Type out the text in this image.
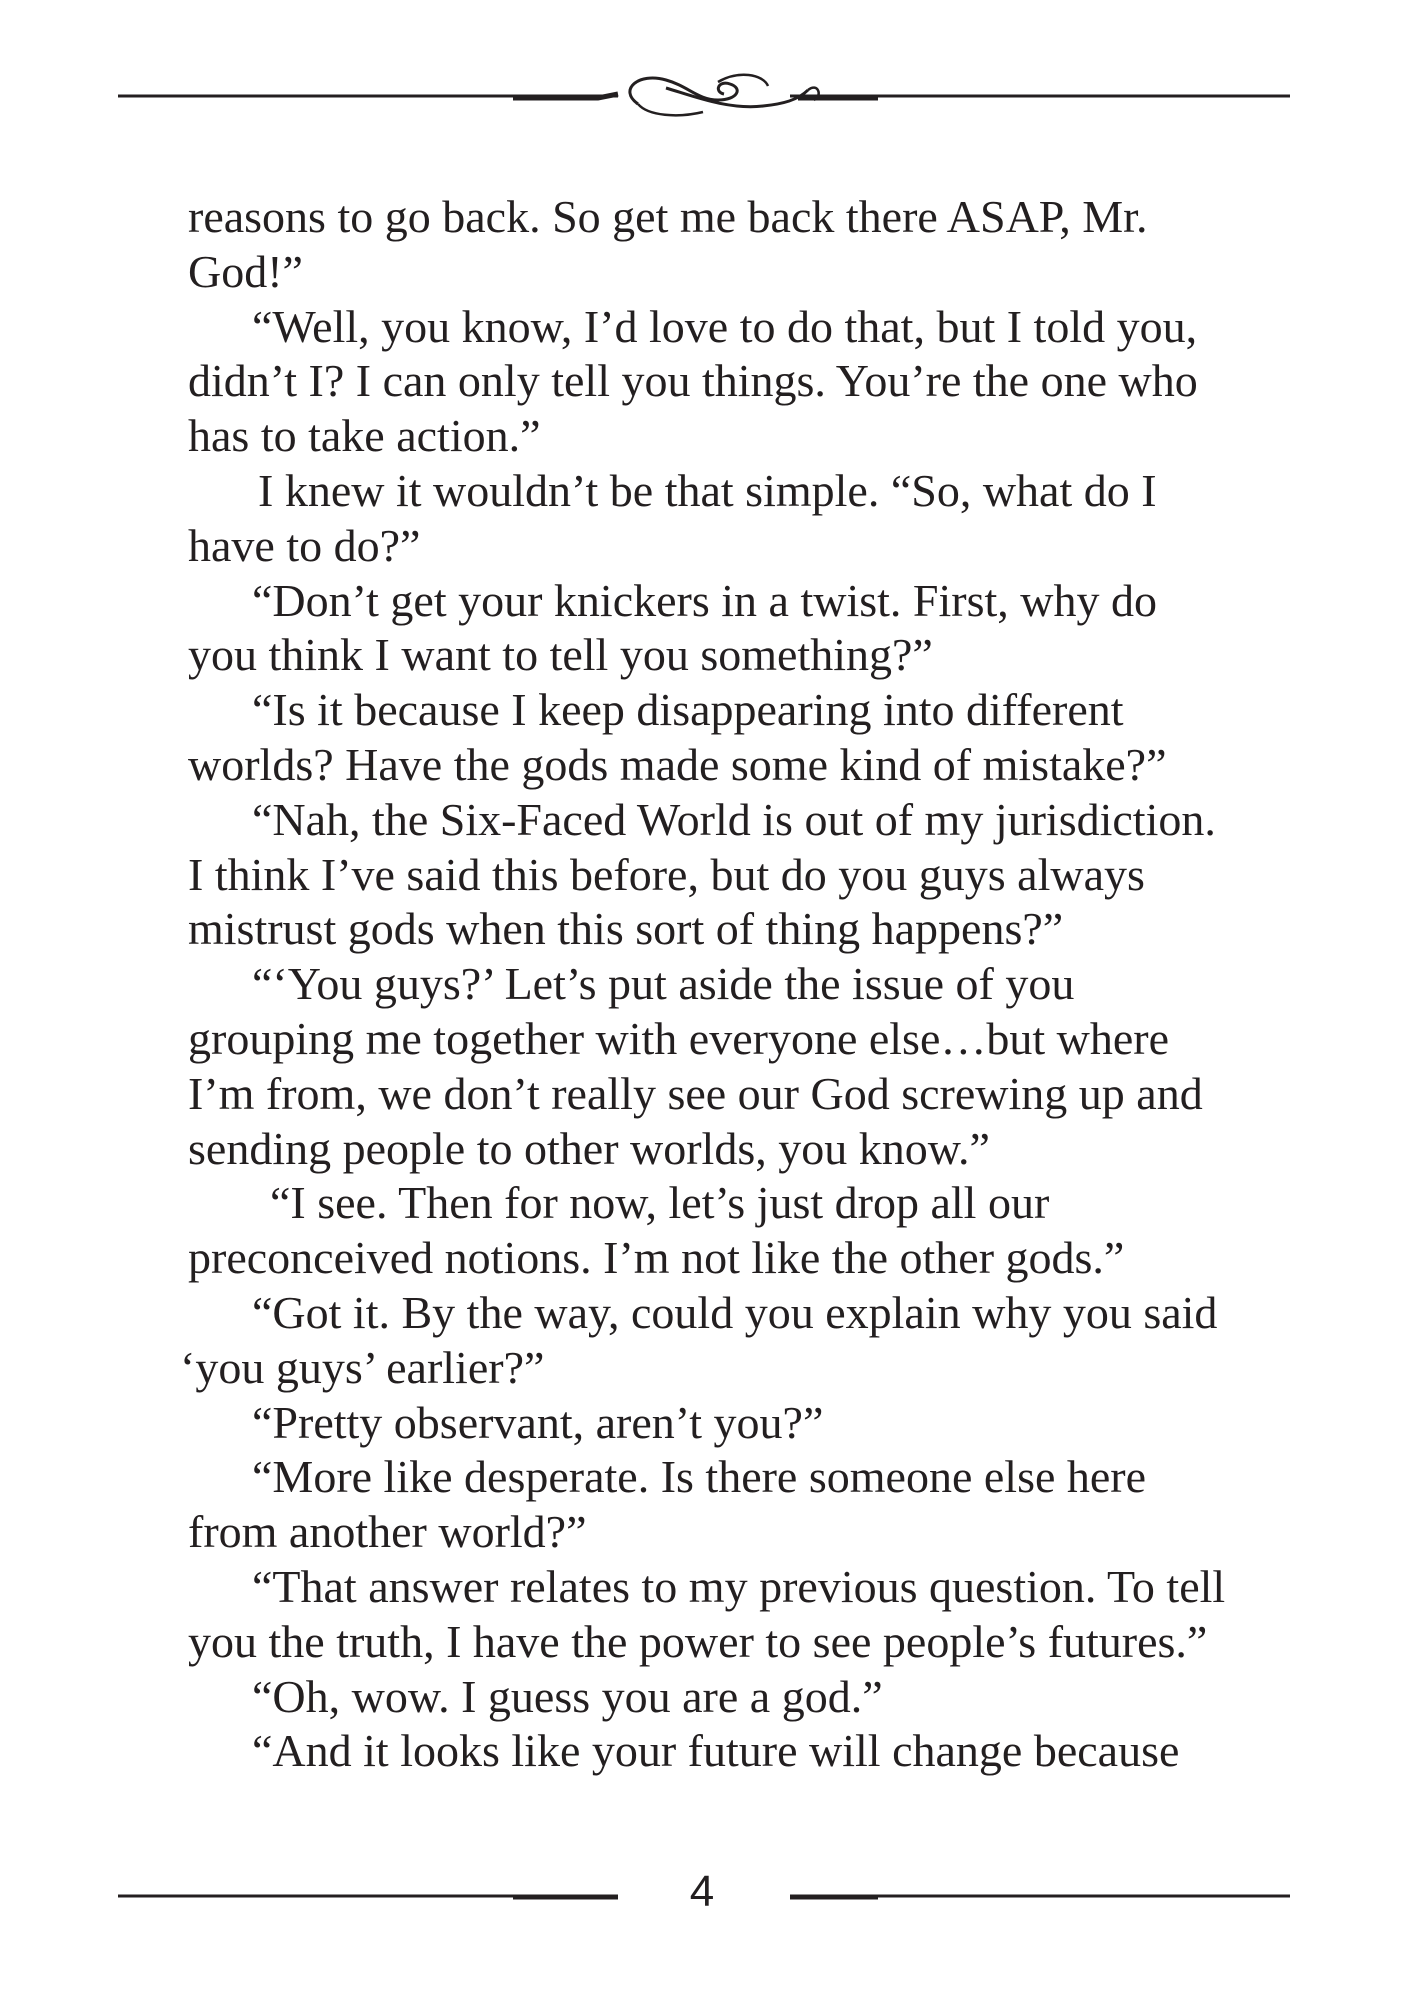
reasons to go back. So get me back there ASAP, Mr.
God!”
“Well, you know, I’d love to do that, but I told you,
didn’t I? I can only tell you things. You’re the one who
has to take action.”
I knew it wouldn’t be that simple. “So, what do I
have to do?”
“Don’t get your knickers in a twist. First, why do
you think I want to tell you something?”
“Is it because I keep disappearing into different
worlds? Have the gods made some kind of mistake?”
“Nah, the Six-Faced World is out of my jurisdiction.
I think I’ve said this before, but do you guys always
mistrust gods when this sort of thing happens?”
“‘You guys?’ Let’s put aside the issue of you
grouping me together with everyone else…but where
I’m from, we don’t really see our God screwing up and
sending people to other worlds, you know.”
“I see. Then for now, let’s just drop all our
preconceived notions. I’m not like the other gods.”
“Got it. By the way, could you explain why you said
‘you guys’ earlier?”
“Pretty observant, aren’t you?”
“More like desperate. Is there someone else here
from another world?”
“That answer relates to my previous question. To tell
you the truth, I have the power to see people’s futures.”
“Oh, wow. I guess you are a god.”
“And it looks like your future will change because
4
